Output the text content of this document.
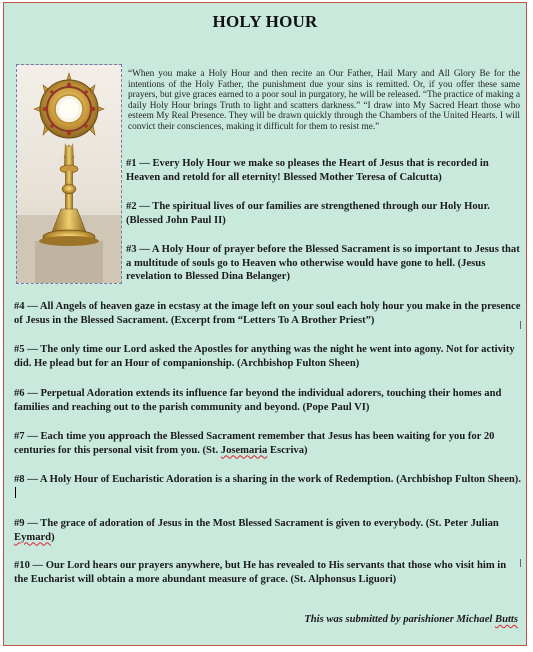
HOLY HOUR
“When you make a Holy Hour and then recite an Our Father, Hail Mary and All Glory Be for the intentions of the Holy Father, the punishment due your sins is remitted. Or, if you offer these same prayers, but give graces earned to a poor soul in purgatory, he will be released. “The practice of making a daily Holy Hour brings Truth to light and scatters darkness.” “I draw into My Sacred Heart those who esteem My Real Presence. They will be drawn quickly through the Chambers of the United Hearts. I will convict their consciences, making it difficult for them to resist me.”
#1 — Every Holy Hour we make so pleases the Heart of Jesus that is recorded in Heaven and retold for all eternity! Blessed Mother Teresa of Calcutta)
#2 — The spiritual lives of our families are strengthened through our Holy Hour. (Blessed John Paul II)
#3 — A Holy Hour of prayer before the Blessed Sacrament is so important to Jesus that a multitude of souls go to Heaven who otherwise would have gone to hell. (Jesus revelation to Blessed Dina Belanger)
#4 — All Angels of heaven gaze in ecstasy at the image left on your soul each holy hour you make in the presence of Jesus in the Blessed Sacrament. (Excerpt from “Letters To A Brother Priest”)
#5 — The only time our Lord asked the Apostles for anything was the night he went into agony. Not for activity did. He plead but for an Hour of companionship. (Archbishop Fulton Sheen)
#6 — Perpetual Adoration extends its influence far beyond the individual adorers, touching their homes and families and reaching out to the parish community and beyond. (Pope Paul VI)
#7 — Each time you approach the Blessed Sacrament remember that Jesus has been waiting for you for 20 centuries for this personal visit from you. (St. Josemaria Escriva)
#8 — A Holy Hour of Eucharistic Adoration is a sharing in the work of Redemption. (Archbishop Fulton Sheen).
#9 — The grace of adoration of Jesus in the Most Blessed Sacrament is given to everybody. (St. Peter Julian Eymard)
#10 — Our Lord hears our prayers anywhere, but He has revealed to His servants that those who visit him in the Eucharist will obtain a more abundant measure of grace. (St. Alphonsus Liguori)
This was submitted by parishioner Michael Butts
